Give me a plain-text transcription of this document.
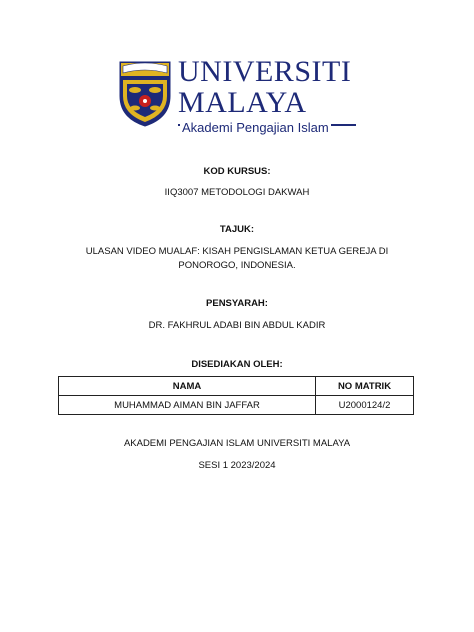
UNIVERSITI
MALAYA
Akademi Pengajian Islam
KOD KURSUS:
IIQ3007 METODOLOGI DAKWAH
TAJUK:
ULASAN VIDEO MUALAF: KISAH PENGISLAMAN KETUA GEREJA DI
PONOROGO, INDONESIA.
PENSYARAH:
DR. FAKHRUL ADABI BIN ABDUL KADIR
DISEDIAKAN OLEH:
NAMA	NO MATRIK
MUHAMMAD AIMAN BIN JAFFAR	U2000124/2
AKADEMI PENGAJIAN ISLAM UNIVERSITI MALAYA
SESI 1 2023/2024
